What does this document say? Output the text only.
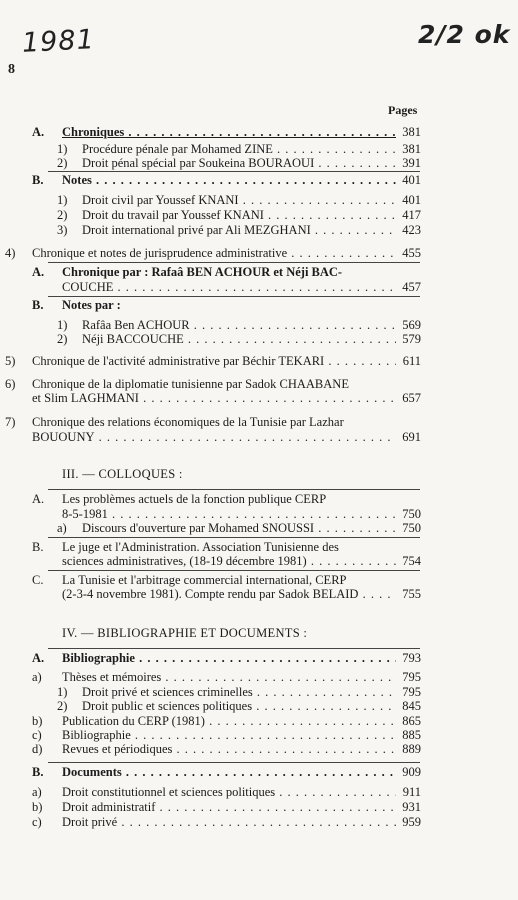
1981	2/2 ok
8
Pages
A. Chroniques . . .	381
1) Procédure pénale par Mohamed ZINE . . .	381
2) Droit pénal spécial par Soukeina BOURAOUI . . .	391
B. Notes . . .	401
1) Droit civil par Youssef KNANI . . .	401
2) Droit du travail par Youssef KNANI . . .	417
3) Droit international privé par Ali MEZGHANI . . .	423
4) Chronique et notes de jurisprudence administrative . . .	455
A. Chronique par : Rafaâ BEN ACHOUR et Néji BAC-
COUCHE . . .	457
B. Notes par :
1) Rafâa Ben ACHOUR . . .	569
2) Néji BACCOUCHE . . .	579
5) Chronique de l'activité administrative par Béchir TEKARI . . .	611
6) Chronique de la diplomatie tunisienne par Sadok CHAABANE
et Slim LAGHMANI . . .	657
7) Chronique des relations économiques de la Tunisie par Lazhar
BOUOUNY . . .	691
III. — COLLOQUES :
A. Les problèmes actuels de la fonction publique CERP
8-5-1981 . . .	750
a) Discours d'ouverture par Mohamed SNOUSSI . . .	750
B. Le juge et l'Administration. Association Tunisienne des
sciences administratives, (18-19 décembre 1981) . . .	754
C. La Tunisie et l'arbitrage commercial international, CERP
(2-3-4 novembre 1981). Compte rendu par Sadok BELAID . . .	755
IV. — BIBLIOGRAPHIE ET DOCUMENTS :
A. Bibliographie . . .	793
a) Thèses et mémoires . . .	795
1) Droit privé et sciences criminelles . . .	795
2) Droit public et sciences politiques . . .	845
b) Publication du CERP (1981) . . .	865
c) Bibliographie . . .	885
d) Revues et périodiques . . .	889
B. Documents . . .	909
a) Droit constitutionnel et sciences politiques . . .	911
b) Droit administratif . . .	931
c) Droit privé . . .	959
